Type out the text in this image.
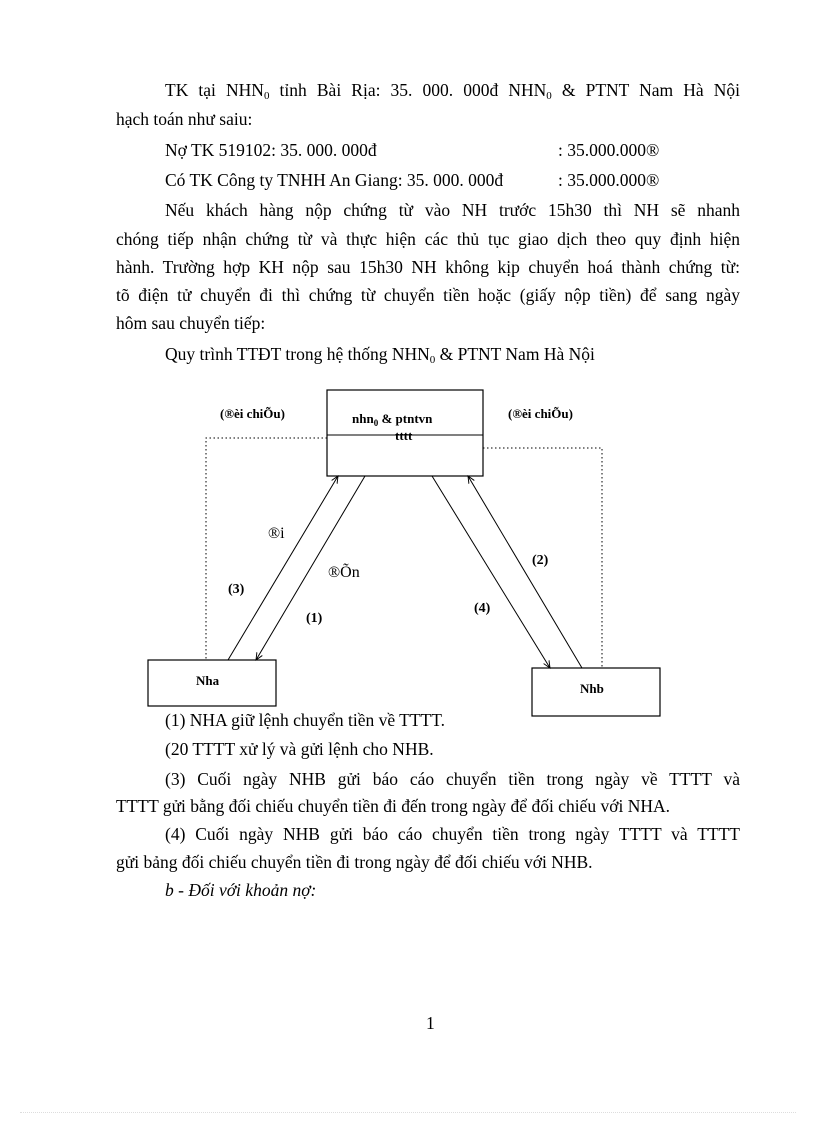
TK tại $NHN_0$ tỉnh Bài Rịa: 35. 000. 000đ $NHN_0$ & PTNT Nam Hà Nội
hạch toán như saiu:
Nợ TK 519102: 35. 000. 000đ	: 35.000.000®
Có TK Công ty TNHH An Giang: 35. 000. 000đ	: 35.000.000®
Nếu khách hàng nộp chứng từ vào NH trước 15h30 thì NH sẽ nhanh
chóng tiếp nhận chứng từ và thực hiện các thủ tục giao dịch theo quy định hiện
hành. Trường hợp KH nộp sau 15h30 NH không kịp chuyển hoá thành chứng từ:
tõ điện tử chuyển đi thì chứng từ chuyển tiền hoặc (giấy nộp tiền) để sang ngày
hôm sau chuyển tiếp:
Quy trình TTĐT trong hệ thống $NHN_0$ & PTNT Nam Hà Nội
nhn$_0$ & ptntvn
tttt
Nha
Nhb
(®èi chiÕu)	(®èi chiÕu)
®i
®Õn
(3)
(1)
(4)
(2)
(1) NHA giữ lệnh chuyển tiền về TTTT.
(20 TTTT xử lý và gửi lệnh cho NHB.
(3) Cuối ngày NHB gửi báo cáo chuyển tiền trong ngày về TTTT và
TTTT gửi bằng đối chiếu chuyển tiền đi đến trong ngày để đối chiếu với NHA.
(4) Cuối ngày NHB gửi báo cáo chuyển tiền trong ngày TTTT và TTTT
gửi bảng đối chiếu chuyển tiền đi trong ngày để đối chiếu với NHB.
b - Đối với khoản nợ:
1
